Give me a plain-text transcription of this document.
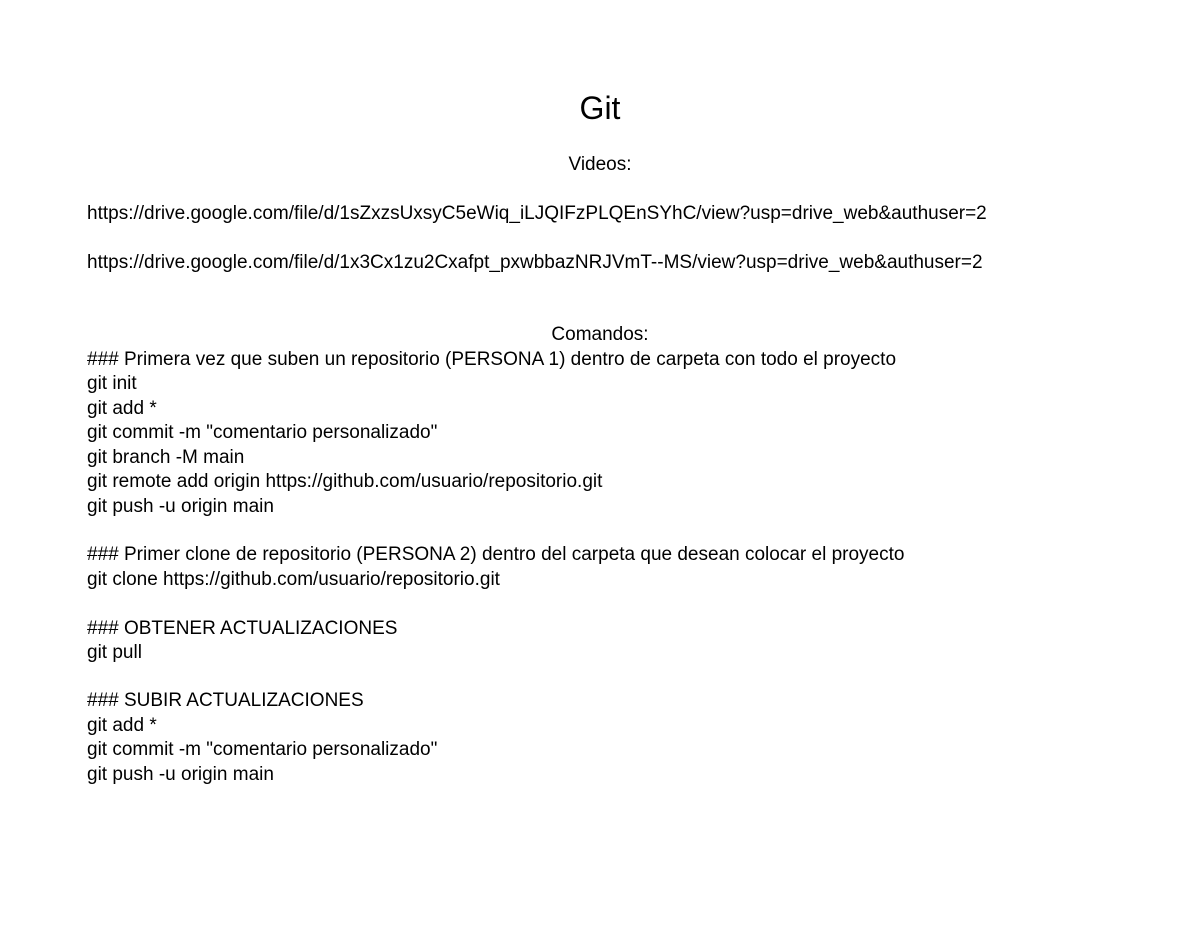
Git
Videos:
https://drive.google.com/file/d/1sZxzsUxsyC5eWiq_iLJQIFzPLQEnSYhC/view?usp=drive_web&authuser=2
https://drive.google.com/file/d/1x3Cx1zu2Cxafpt_pxwbbazNRJVmT--MS/view?usp=drive_web&authuser=2
Comandos:
### Primera vez que suben un repositorio (PERSONA 1) dentro de carpeta con todo el proyecto
git init
git add *
git commit -m "comentario personalizado"
git branch -M main
git remote add origin https://github.com/usuario/repositorio.git
git push -u origin main
### Primer clone de repositorio (PERSONA 2) dentro del carpeta que desean colocar el proyecto
git clone https://github.com/usuario/repositorio.git
### OBTENER ACTUALIZACIONES
git pull
### SUBIR ACTUALIZACIONES
git add *
git commit -m "comentario personalizado"
git push -u origin main
